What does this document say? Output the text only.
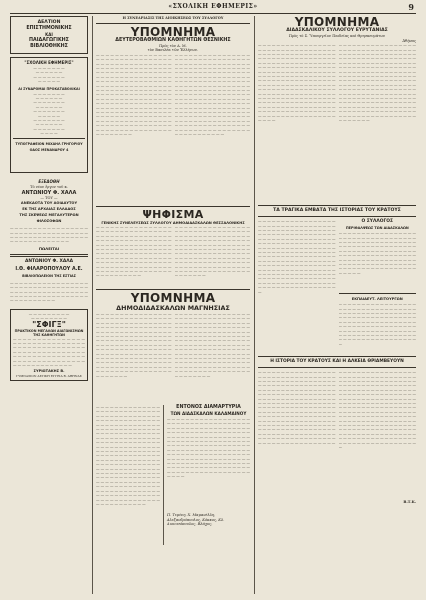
«ΣΧΟΛΙΚΗ ΕΦΗΜΕΡΙΣ»	9
ΔΕΛΤΙΟΝ
ΕΠΙΣΤΗΜΟΝΙΚΗΣ
ΚΑΙ
ΠΑΙΔΑΓΩΓΙΚΗΣ
ΒΙΒΛΙΟΘΗΚΗΣ
"ΣΧΟΛΙΚΗ ΕΦΗΜΕΡΙΣ"
— — — — — — —
— — — — — —
— — — — — — —
— — — — —
ΑΙ ΣΥΝΔΡΟΜΑΙ ΠΡΟΚΑΤΑΒΟΛΙΚΑΙ
— — — — — — —
— — — — — —
— — — — — — —
— — — — — —
— — — — — — —
— — — — —
— — — — — — —
— — — — — —
— — — — — — —
— — — —
ΤΥΠΟΓΡΑΦΕΙΟΝ ΜΙΧΑΗΛ ΓΡΗΓΟΡΙΟΥ
ΟΔΟΣ ΜΕΝΑΝΔΡΟΥ 4
ΕΞΕΔΟΘΗ
Τὸ νέον ἔργον τοῦ κ.
ΑΝΤΩΝΙΟΥ Φ. ΧΑΛΑ
— ΤΟΥ —
ΑΝΕΚΔΟΤΑ ΤΟΥ ΑΟΙΔΑΥΤΟΥ
ΕΚ ΤΗΣ ΑΡΧΑΙΑΣ ΕΛΛΑΔΟΣ
ΤΗΣ ΣΚΕΨΕΩΣ ΜΕΓΑΛΥΤΕΡΩΝ
ΦΙΛΟΣΟΦΩΝ
— — — — — — — — — — — — — — — — — — — — — — — — — — — — — — — — — — — — — — — — — — — — — — — — — — — — — — — — — — — — — — — —
ΠΩΛΕΙΤΑΙ
ΑΝΤΩΝΙΟΥ Φ. ΧΑΛΑ
Ι.Θ. ΦΙΛΑΡΟΠΟΥΛΟΥ Α.Ε.
ΒΙΒΛΙΟΠΩΛΕΙΟΝ ΤΗΣ ΕΣΤΙΑΣ
— — — — — — — — — — — — — — — — — — — — — — — — — — — — — — — — — — — — — — — — — — — — — — — — — — — — — — — — — — — — — — — — — — — — — — — — — — — — — —
— — — — — — — — —
— — — — — — — —
"ΣΦΙΓΞ"
ΠΡΑΚΤΙΚΟΝ ΜΕΓΑΛΩΝ ΔΙΑΓΩΝΙΣΜΩΝ ΤΗΣ ΚΑΘΗΓΗΤΩΝ
— — — — — — — — — — — — — — — — — — — — — — — — — — — — — — — — — — — — — — — — — — — — — — — — — — — — — — — — — — — — — — — — — — — — — — — — — — — — — — — — — — — — — — — — — — — — — — — — — — — — — — —
ΣΥΡΙΩΤΑΚΗΣ Β.
ΓΥΜΝΑΣΙΟΝ ΑΣΤΙΚΗ ΕΓΓΕΙΑ Β. ΑΘΗΝΑΣ
Η ΣΥΝΕΔΡΙΑΣΙΣ ΤΗΣ ΔΙΟΙΚΗΣΕΩΣ ΤΟΥ ΣΥΛΛΟΓΟΥ
ΥΠΟΜΝΗΜΑ
ΔΕΥΤΕΡΟΒΑΘΜΙΩΝ ΚΑΘΗΓΗΤΩΝ ΘΕΣΝΙΚΗΣ
Πρὸς τὸν Α. Μ.
τὸν Βασιλέα τῶν Ἑλλήνων.
— — — — — — — — — — — — — — — — — — — — — — — — — — — — — — — — — — — — — — — — — — — — — — — — — — — — — — — — — — — — — — — — — — — — — — — — — — — — — — — — — — — — — — — — — — — — — — — — — — — — — — — — — — — — — — — — — — — — — — — — — — — — — — — — — — — — — — — — — — — — — — — — — — — — — — — — — — — — — — — — — — — — — — — — — — — — — — — — — — — — — — — — — — — — — — — — — — — — — — — — — — — — — — — — — — — — — — — — — — — — — — — — — — — — — — — — — — — — — — — — — — — — — — — — — — — — — — — — — — — — — — — — — — — — — — — — — — — — — — — — — — — — — — — — — — — — — — — —
— — — — — — — — — — — — — — — — — — — — — — — — — — — — — — — — — — — — — — — — — — — — — — — — — — — — — — — — — — — — — — — — — — — — — — — — — — — — — — — — — — — — — — — — — — — — — — — — — — — — — — — — — — — — — — — — — — — — — — — — — — — — — — — — — — — — — — — — — — — — — — — — — — — — — — — — — — — — — — — — — — — — — — — — — — — — — — — — — — — — — — — — — — — — — — — — — — — — — — — — — — — — — — — — — — — — — — — — — — — — — — — — — — — — — — — — — — — — — — — — — — — — — — — — — — — — — — — — — — — — — — — — — — — — — — — — — — — — — — — — — — — — — — — — — — — — — — — — — — —
ΨΗΦΙΣΜΑ
ΓΕΝΙΚΗΣ ΣΥΝΕΛΕΥΣΕΩΣ ΣΥΛΛΟΓΟΥ ΔΗΜΟΔΙΔΑΣΚΑΛΩΝ ΘΕΣΣΑΛΟΝΙΚΗΣ
— — — — — — — — — — — — — — — — — — — — — — — — — — — — — — — — — — — — — — — — — — — — — — — — — — — — — — — — — — — — — — — — — — — — — — — — — — — — — — — — — — — — — — — — — — — — — — — — — — — — — — — — — — — — — — — — — — — — — — — — — — — — — — — — — — — — — — — — — — — — — — — — — — — — — — — — — — — — — — — — — — — — — — — — — — — — — — — — — — — — — — — — — —
— — — — — — — — — — — — — — — — — — — — — — — — — — — — — — — — — — — — — — — — — — — — — — — — — — — — — — — — — — — — — — — — — — — — — — — — — — — — — — — — — — — — — — — — — — — — — — — — — — — — — — — — — — — — — — — — — — — — — — — — — — — — — — — — — — — — — — — — — — — — — — — — — — — — — — — — — — — — — — — — — — — — — — — — — — — — — — — — — — — — — — —
ΥΠΟΜΝΗΜΑ
ΔΗΜΟΔΙΔΑΣΚΑΛΩΝ ΜΑΓΝΗΣΙΑΣ
— — — — — — — — — — — — — — — — — — — — — — — — — — — — — — — — — — — — — — — — — — — — — — — — — — — — — — — — — — — — — — — — — — — — — — — — — — — — — — — — — — — — — — — — — — — — — — — — — — — — — — — — — — — — — — — — — — — — — — — — — — — — — — — — — — — — — — — — — — — — — — — — — — — — — — — — — — — — — — — — — — — — — — — — — — — — — — — — — — — — — — — — — — — — — — — — — — — — — — — — — — — — — — — — — — — — — — — — — — — — — — — — — — — — — — —
— — — — — — — — — — — — — — — — — — — — — — — — — — — — — — — — — — — — — — — — — — — — — — — — — — — — — — — — — — — — — — — — — — — — — — — — — — — — — — — — — — — — — — — — — — — — — — — — — — — — — — — — — — — — — — — — — — — — — — — — — — — — — — — — — — — — — — — — — — — — — — — — — — — — — — — — — — — — — — — — — — — — — — — — — — — — — — — — — — — — — — — — — — — — — — — — — — — — — — — — — — — — — — — — — — — — — — — — — — — — — — — — — — — — — — — —
— — — — — — — — — — — — — — — — — — — — — — — — — — — — — — — — — — — — — — — — — — — — — — — — — — — — — — — — — — — — — — — — — — — — — — — — — — — — — — — — — — — — — — — — — — — — — — — — — — — — — — — — — — — — — — — — — — — — — — — — — — — — — — — — — — — — — — — — — — — — — — — — — — — — — — — — — — — — — — — — — — — — — — — — — — — — — — — — — — — — — — — — — — — — — — — — — — — — — — — — — — — — — — — — — — — — — — — — — — — — — — — — — — — — — — — — — — — — — — — — — — — — — — — — — — — — — — — — — — — — — — — — — — — — — — — — — — — — — — — — — — — — — — — — — — — — — — — — — — — — — — — — — — — — — — — — — — — — — — —
ΕΝΤΟΝΟΣ ΔΙΑΜΑΡΤΥΡΙΑ
ΤΩΝ ΔΙΔΑΣΚΑΛΩΝ ΚΑΛΑΜΑΙΝΟΥ
— — — — — — — — — — — — — — — — — — — — — — — — — — — — — — — — — — — — — — — — — — — — — — — — — — — — — — — — — — — — — — — — — — — — — — — — — — — — — — — — — — — — — — — — — — — — — — — — — — — — — — — — — — — — — — — — — — — — — — — — — — — — — — — — — — — — — — — — — — — — — — — — — — — — — — — — — — — — — — — — — — — — — — — — — — — — — — — — — — — — — — — — — — — — — — — — — — — — — — — — — — — — — — — — — — — — — — — — — — — — — — — — — — — — — — — — — — — — — —
Π. Τεμένη, Χ. Μαμανέλλη,
Αλεξανδρόπουλος, Κόκκος, Κλ.
Διονυσόπουλος, Βλάχος,
ΥΠΟΜΝΗΜΑ
ΔΙΔΑΣΚΑΛΙΚΟΥ ΣΥΛΛΟΓΟΥ ΕΥΡΥΤΑΝΙΑΣ
Πρὸς τὸ Σ. Ὑπουργεῖον Παιδείας καὶ Θρησκευμάτων
Ἀθήνας
— — — — — — — — — — — — — — — — — — — — — — — — — — — — — — — — — — — — — — — — — — — — — — — — — — — — — — — — — — — — — — — — — — — — — — — — — — — — — — — — — — — — — — — — — — — — — — — — — — — — — — — — — — — — — — — — — — — — — — — — — — — — — — — — — — — — — — — — — — — — — — — — — — — — — — — — — — — — — — — — — — — — — — — — — — — — — — — — — — — — — — — — — — — — — — — — — — — — — — — — — — — — — — — — — — — — — — — — — — — — — — — — — — — — — — — — — — — — — — — — — — — — — — — — — — — — — — — — — — — — — — — — — — — — — — — — — — — — — — — — — — — — — — — — — — — — —
— — — — — — — — — — — — — — — — — — — — — — — — — — — — — — — — — — — — — — — — — — — — — — — — — — — — — — — — — — — — — — — — — — — — — — — — — — — — — — — — — — — — — — — — — — — — — — — — — — — — — — — — — — — — — — — — — — — — — — — — — — — — — — — — — — — — — — — — — — — — — — — — — — — — — — — — — — — — — — — — — — — — — — — — — — — — — — — — — — — — — — — — — — — — — — — — — — — — — — — — — — — — — — — — — — — — — — — — — — — — — — — — — — — — — — — — — — — — — — — — — — — — — — — — — — — — — — — — — — — — — — — — — — — — — — — — — — — — — — — — — — — — — — — — — — — — — — — —
ΤΑ ΤΡΑΓΙΚΑ ΕΜΒΑΤΑ ΤΗΣ ΙΣΤΟΡΙΑΣ ΤΟΥ ΚΡΑΤΟΥΣ
— — — — — — — — — — — — — — — — — — — — — — — — — — — — — — — — — — — — — — — — — — — — — — — — — — — — — — — — — — — — — — — — — — — — — — — — — — — — — — — — — — — — — — — — — — — — — — — — — — — — — — — — — — — — — — — — — — — — — — — — — — — — — — — — — — — — — — — — — — — — — — — — — — — — — — — — — — — — — — — — — — — — — — — — — — — — — — — — — — — — — — — — — — — — — — — — — — — — — — — — — — — — — — — — — — — — — — — — — — — — — — — — — — — — — — — — — — — — — — — — — — — — — — — — — — — — — — — — — — — — — — — — — — — — — — — — —
Ο ΣΥΛΛΟΓΟΣ
ΠΕΡΙΘΑΛΨΕΩΣ ΤΩΝ ΔΙΔΑΣΚΑΛΩΝ
— — — — — — — — — — — — — — — — — — — — — — — — — — — — — — — — — — — — — — — — — — — — — — — — — — — — — — — — — — — — — — — — — — — — — — — — — — — — — — — — — — — — — — — — — — — — — — — — — — — — — — — — — — — — — — — — — — — — — — — — — — — — — — — — — — — — — — — — — — — — — — — — — — — — — — — — — — — — — —
ΕΚΠΑΙΔΕΥΤ. ΛΕΙΤΟΥΡΓΩΝ
— — — — — — — — — — — — — — — — — — — — — — — — — — — — — — — — — — — — — — — — — — — — — — — — — — — — — — — — — — — — — — — — — — — — — — — — — — — — — — — — — — — — — — — — — — — — — — — — — — — — — — — — — — — — — — — — — — — — — — — — — — — — — — — — — — — — — — — — — — — — — — — — — — — — — — — — — —
Η ΙΣΤΟΡΙΑ ΤΟΥ ΚΡΑΤΟΥΣ ΚΑΙ Η ΑΛΚΕΙΑ ΘΡΙΑΜΒΕΥΟΥΝ
— — — — — — — — — — — — — — — — — — — — — — — — — — — — — — — — — — — — — — — — — — — — — — — — — — — — — — — — — — — — — — — — — — — — — — — — — — — — — — — — — — — — — — — — — — — — — — — — — — — — — — — — — — — — — — — — — — — — — — — — — — — — — — — — — — — — — — — — — — — — — — — — — — — — — — — — — — — — — — — — — — — — — — — — — — — — — — — — — — — — — — — — — — — — — — — — — — — — — — — — — — — — — — — — — — — — — — — — — — — — — — — — — — — — — — — — — — — — — — — — — — — — — — — — — — — — — — — — — — — — — — — — — — — — — — — — — — — — — — — — — — — — — — — — —
— — — — — — — — — — — — — — — — — — — — — — — — — — — — — — — — — — — — — — — — — — — — — — — — — — — — — — — — — — — — — — — — — — — — — — — — — — — — — — — — — — — — — — — — — — — — — — — — — — — — — — — — — — — — — — — — — — — — — — — — — — — — — — — — — — — — — — — — — — — — — — — — — — — — — — — — — — — — — — — — — — — — — — — — — — — — — — — — — — — — — — — — — — — — — — — — — — — — — — — — — — — — — — — — — — — — — — — — — — — — — — — — — — — — — — — — — — — — — — — — — — — — — — — — — — — — — — — — — — — — — — — — — — — — — — — — — — — — — — — — — — — — — — — — — —
Β.Τ.Κ.
